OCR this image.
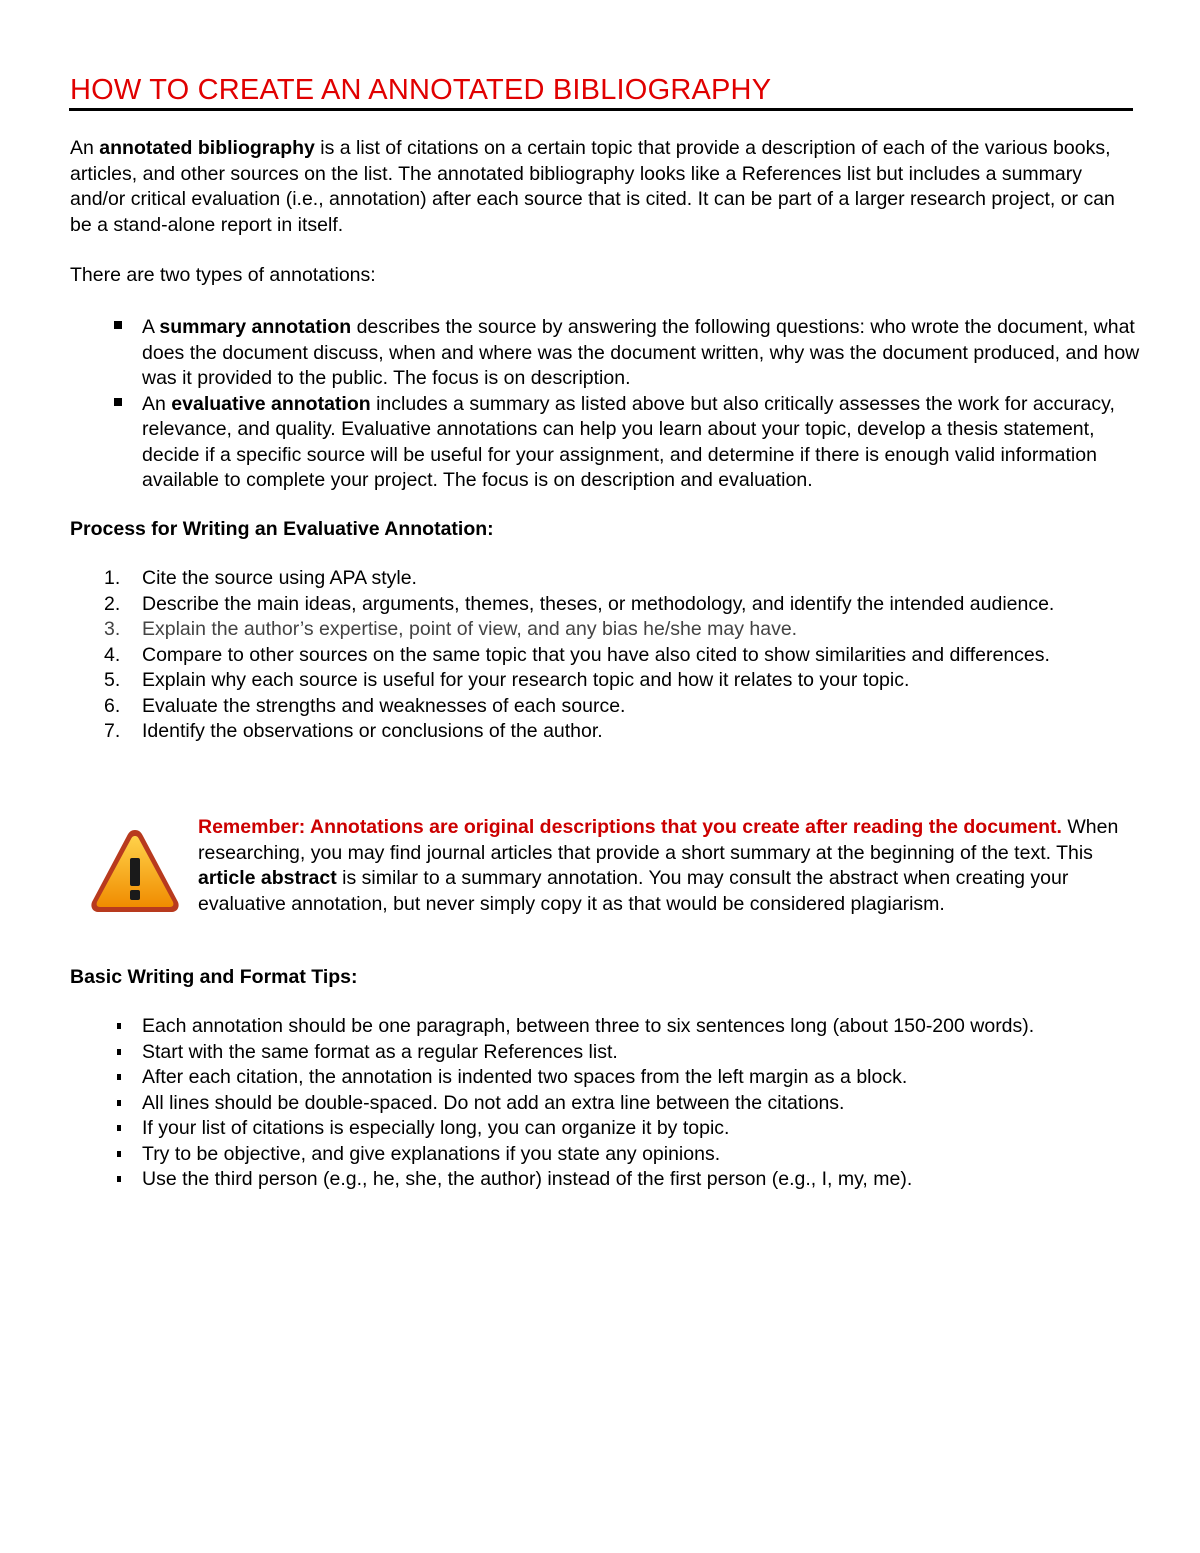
HOW TO CREATE AN ANNOTATED BIBLIOGRAPHY

An annotated bibliography is a list of citations on a certain topic that provide a description of each of the various books, articles, and other sources on the list. The annotated bibliography looks like a References list but includes a summary and/or critical evaluation (i.e., annotation) after each source that is cited. It can be part of a larger research project, or can be a stand-alone report in itself.

There are two types of annotations:

A summary annotation describes the source by answering the following questions: who wrote the document, what does the document discuss, when and where was the document written, why was the document produced, and how was it provided to the public. The focus is on description.
An evaluative annotation includes a summary as listed above but also critically assesses the work for accuracy, relevance, and quality. Evaluative annotations can help you learn about your topic, develop a thesis statement, decide if a specific source will be useful for your assignment, and determine if there is enough valid information available to complete your project. The focus is on description and evaluation.
Process for Writing an Evaluative Annotation:
1. Cite the source using APA style.
2. Describe the main ideas, arguments, themes, theses, or methodology, and identify the intended audience.
3. Explain the author’s expertise, point of view, and any bias he/she may have.
4. Compare to other sources on the same topic that you have also cited to show similarities and differences.
5. Explain why each source is useful for your research topic and how it relates to your topic.
6. Evaluate the strengths and weaknesses of each source.
7. Identify the observations or conclusions of the author.

Remember: Annotations are original descriptions that you create after reading the document. When researching, you may find journal articles that provide a short summary at the beginning of the text. This article abstract is similar to a summary annotation. You may consult the abstract when creating your evaluative annotation, but never simply copy it as that would be considered plagiarism.

Basic Writing and Format Tips:
Each annotation should be one paragraph, between three to six sentences long (about 150-200 words).
Start with the same format as a regular References list.
After each citation, the annotation is indented two spaces from the left margin as a block.
All lines should be double-spaced. Do not add an extra line between the citations.
If your list of citations is especially long, you can organize it by topic.
Try to be objective, and give explanations if you state any opinions.
Use the third person (e.g., he, she, the author) instead of the first person (e.g., I, my, me).
